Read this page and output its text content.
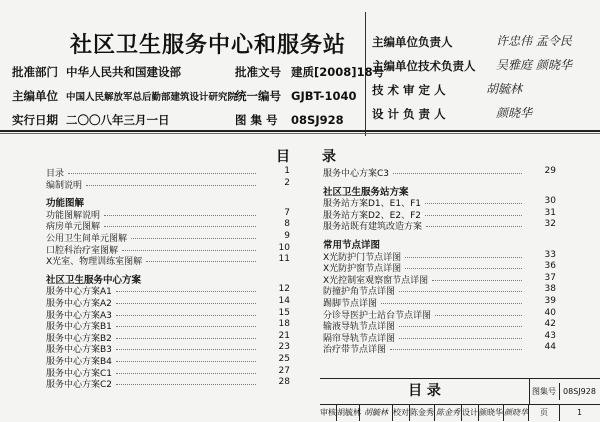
社区卫生服务中心和服务站
批准部门 中华人民共和国建设部	批准文号 建质[2008]18号
主编单位 中国人民解放军总后勤部建筑设计研究院 统一编号 GJBT-1040
实行日期 二〇〇八年三月一日	图 集 号 08SJ928
主编单位负责人	许忠伟 孟令民
主编单位技术负责人 吴雅庭 颜晓华
技 术 审 定 人	胡毓林
设 计 负 责 人	颜晓华
目 录
目录	1
编制说明	2
功能图解
功能图解说明	7
病房单元图解	8
公用卫生间单元图解	9
口腔科治疗室图解	10
X光室、物理训练室图解	11
社区卫生服务中心方案
服务中心方案A1	12
服务中心方案A2	14
服务中心方案A3	15
服务中心方案B1	18
服务中心方案B2	21
服务中心方案B3	23
服务中心方案B4	25
服务中心方案C1	27
服务中心方案C2	28
服务中心方案C3	29
社区卫生服务站方案
服务站方案D1、E1、F1	30
服务站方案D2、E2、F2	31
服务站既有建筑改造方案	32
常用节点详图
X光防护门节点详图	33
X光防护窗节点详图	36
X光控制室观察窗节点详图	37
防撞护角节点详图	38
踢脚节点详图	39
分诊导医护士站台节点详图	40
输液导轨节点详图	42
隔帘导轨节点详图	43
治疗带节点详图	44
目 录	图集号 08SJ928
审核 胡毓林 胡毓林 校对 陈金秀 陈金秀 设计 颜晓华 颜晓华	页	1
